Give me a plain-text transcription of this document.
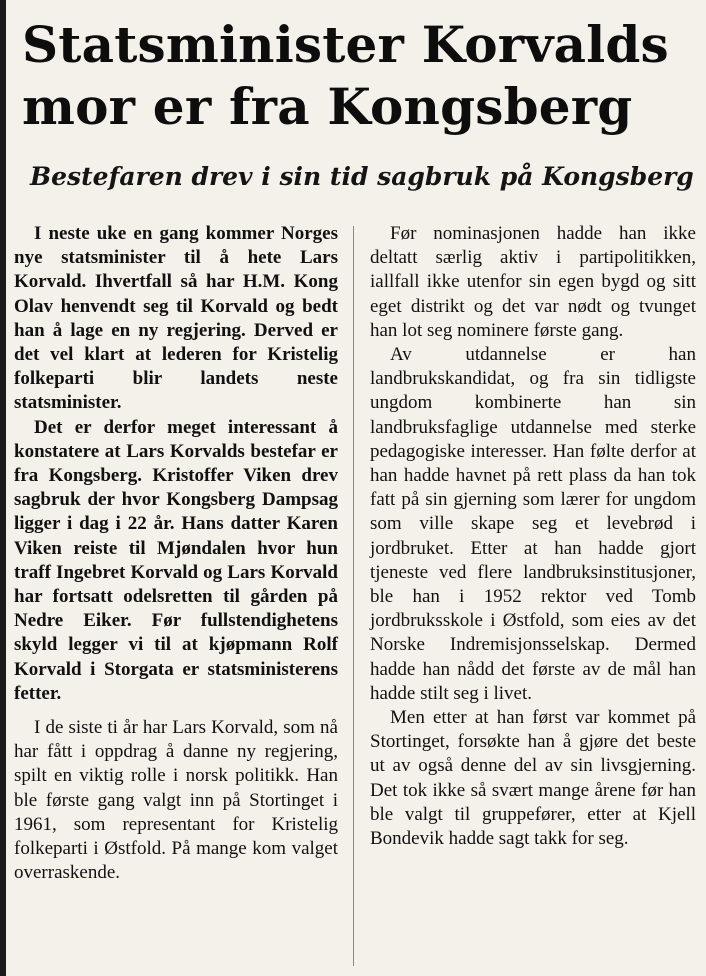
Statsminister Korvalds mor er fra Kongsberg
Bestefaren drev i sin tid sagbruk på Kongsberg

I neste uke en gang kommer Norges nye statsminister til å hete Lars Korvald. Ihvertfall så har H.M. Kong Olav henvendt seg til Korvald og bedt han å lage en ny regjering. Derved er det vel klart at lederen for Kristelig folkeparti blir landets neste statsminister.

Det er derfor meget interessant å konstatere at Lars Korvalds bestefar er fra Kongsberg. Kristoffer Viken drev sagbruk der hvor Kongsberg Dampsag ligger i dag i 22 år. Hans datter Karen Viken reiste til Mjøndalen hvor hun traff Ingebret Korvald og Lars Korvald har fortsatt odelsretten til gården på Nedre Eiker. Før fullstendighetens skyld legger vi til at kjøpmann Rolf Korvald i Storgata er statsministerens fetter.

I de siste ti år har Lars Korvald, som nå har fått i oppdrag å danne ny regjering, spilt en viktig rolle i norsk politikk. Han ble første gang valgt inn på Stortinget i 1961, som representant for Kristelig folkeparti i Østfold. På mange kom valget overraskende.

Før nominasjonen hadde han ikke deltatt særlig aktiv i partipolitikken, iallfall ikke utenfor sin egen bygd og sitt eget distrikt og det var nødt og tvunget han lot seg nominere første gang.

Av utdannelse er han landbrukskandidat, og fra sin tidligste ungdom kombinerte han sin landbruksfaglige utdannelse med sterke pedagogiske interesser. Han følte derfor at han hadde havnet på rett plass da han tok fatt på sin gjerning som lærer for ungdom som ville skape seg et levebrød i jordbruket. Etter at han hadde gjort tjeneste ved flere landbruksinstitusjoner, ble han i 1952 rektor ved Tomb jordbruksskole i Østfold, som eies av det Norske Indremisjonsselskap. Dermed hadde han nådd det første av de mål han hadde stilt seg i livet.

Men etter at han først var kommet på Stortinget, forsøkte han å gjøre det beste ut av også denne del av sin livsgjerning. Det tok ikke så svært mange årene før han ble valgt til gruppefører, etter at Kjell Bondevik hadde sagt takk for seg.
